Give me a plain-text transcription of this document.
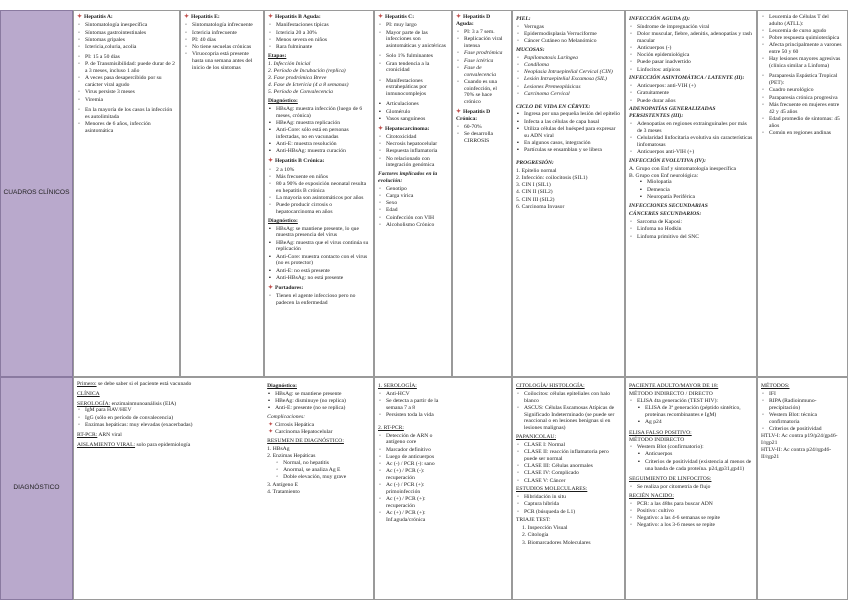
CUADROS CLÍNICOS
DIAGNÓSTICO
✦ Hepatitis A:
◦ Sintomatología inespecífica
◦ Síntomas gastrointestinales
◦ Síntomas gripales
◦ Ictericia,coluria, acolia
◦ PI: 15 a 50 días
◦ P. de Transmisibilidad: puede durar de 2 a 3 meses, incluso 1 año
◦ A veces pasa desapercibido por su carácter viral agudo
◦ Virus persiste 3 meses
◦ Viremia
◦ En la mayoría de los casos la infección es autolimitada
◦ Menores de 6 años, infección asintomática
✦ Hepatitis E:
◦ Sintomatología infrecuente
◦ Ictericia infrecuente
◦ PI: 40 días
◦ No tiene secuelas crónicas
◦ Viruocopria está presente hasta una semana antes del inicio de los síntomas
✦ Hepatitis B Aguda:
◦ Manifestaciones típicas
◦ Ictericia 20 a 30%
◦ Menos severa en niños
◦ Rara fulminante
Etapas:
1. Infección Inicial
2. Período de Incubación (replica)
3. Fase prodrómica Breve
4. Fase de Ictericia (4 a 8 semanas)
5. Período de Convalecencia
Diagnóstico:
▪ HBsAg: muestra infección (luego de 6 meses, crónica)
▪ HBeAg: muestra replicación
▪ Anti-Core: sólo está en personas infectadas, no en vacunadas
▪ Anti-E: muestra resolución
▪ Anti-HBsAg: muestra curación
✦ Hepatitis B Crónica:
◦ 2 a 10%
◦ Más frecuente en niños
◦ 80 a 90% de exposición neonatal resulta en hepatitis B crónica
◦ La mayoría son asintomáticos por años
◦ Puede producir cirrosis o hepatocarcinoma en años
Diagnóstico:
▪ HBsAg: se mantiene presente, lo que muestra presencia del virus
▪ HBeAg: muestra que el virus continúa su replicación
▪ Anti-Core: muestra contacto con el virus (no es protector)
▪ Anti-E: no está presente
▪ Anti-HBsAg: no está presente
✦ Portadores:
◦ Tienen el agente infeccioso pero no padecen la enfermedad
✦ Hepatitis C:
◦ PI: muy largo
◦ Mayor parte de las infecciones son asintomáticas y anictéricas
◦ Solo 1% fulminantes
◦ Gran tendencia a la cronicidad
◦ Manifestaciones extrahepáticas por inmunocomplejos
▪ Articulaciones
▪ Glomérulo
▪ Vasos sanguíneos
✦ Hepatocarcinoma:
◦ Citotoxicidad
◦ Necrosis hepatocelular
◦ Respuesta inflamatoria
◦ No relacionado con integración genómica
Factores implicados en la evolución:
◦ Genotipo
◦ Carga vírica
◦ Sexo
◦ Edad
◦ Coinfección con VIH
◦ Alcoholismo Crónico
✦ Hepatitis D Aguda:
◦ PI: 3 a 7 sem.
◦ Replicación viral intensa
◦ Fase prodrómica
◦ Fase ictérica
◦ Fase de convalecencia
◦ Cuando es una coinfección, el 70% se hace crónico
✦ Hepatitis D Crónica:
◦ 60-70%
◦ Se desarrolla CIRROSIS
PIEL:
◦ Verrugas
◦ Epidermodisplasia Verruciforme
◦ Cáncer Cutáneo no Melanómico
MUCOSAS:
◦ Papilomatosis Laríngea
◦ Condiloma
◦ Neoplasia Intraepitelial Cervical (CIN)
◦ Lesión Intraepitelial Escamosa (SIL)
◦ Lesiones Premeoplásicas
◦ Carcinoma Cervical
CICLO DE VIDA EN CÉRVIX:
▪ Ingresa por una pequeña lesión del epitelio
▪ Infecta a las células de capa basal
▪ Utiliza células del huésped para expresar su ADN viral
▪ En algunos casos, integración
▪ Partículas se ensamblan y se libera
PROGRESIÓN:
1. Epitelio normal
2. Infección: coilocitosis (SIL1)
3. CIN I (SIL1)
4. CIN II (SIL2)
5. CIN III (SIL2)
6. Carcinoma Invasor
INFECCIÓN AGUDA (I):
◦ Síndrome de impregnación viral
◦ Dolor muscular, fiebre, adenitis, adenopatías y rash macular
◦ Anticuerpos (-)
◦ Noción epidemiológica
◦ Puede pasar inadvertido
◦ Linfocitos: atípicos
INFECCIÓN ASINTOMÁTICA / LATENTE (II):
◦ Anticuerpos: anti-VIH (+)
◦ Gratuitamente
◦ Puede durar años
ADENOPATÍAS GENERALIZADAS PERSISTENTES (III):
◦ Adenopatías en regiones extrainguinales por más de 3 meses
◦ Celularidad linfocitaria evolutiva sin características linfomatosas
◦ Anticuerpos anti-VIH (+)
INFECCIÓN EVOLUTIVA (IV):
A. Grupo con Enf y sintomatología inespecífica
B. Grupo con Enf neurológica:
▪ Miolopatía
▪ Demencia
▪ Neuropatía Periférica
INFECCIONES SECUNDARIAS
CÁNCERES SECUNDARIOS:
◦ Sarcoma de Kaposi:
◦ Linfoma no Hodkin
◦ Linfoma primitivo del SNC
◦ Leucemia de Células T del adulto (ATLL):
◦ Leucemia de curso agudo
◦ Pobre respuesta quimioterápica
◦ Afecta principalmente a varones entre 50 y 60
◦ Hay lesiones mayores agresivas (clínica similar a Linfoma)
◦ Paraparesia Espástica Tropical (PET):
◦ Cuadro neurológico
◦ Paraparesia crónica progresiva
◦ Más frecuente en mujeres entre 42 y 45 años
◦ Edad promedio de síntomas: 45 años
◦ Común en regiones andinas
Primero: se debe saber si el paciente está vacunado
CLÍNICA
SEROLOGÍA: enzimainmunoanálisis (EIA)
◦ IgM para HAV/HEV
◦ IgG (sólo en período de convalecencia)
◦ Enzimas hepáticas: muy elevadas (exacerbadas)
RT-PCR: ARN viral
AISLAMIENTO VIRAL: solo para epidemiología
Diagnóstico:
▪ HBsAg: se mantiene presente
▪ HBeAg: disminuye (no replica)
▪ Anti-E: presente (no se replica)
Complicaciones:
✦ Cirrosis Hepática
✦ Carcinoma Hepatocelular
RESUMEN DE DIAGNÓSTICO:
1. HBsAg
2. Enzimas Hepáticas
◦ Normal, no hepatitis
◦ Anormal, se analiza Ag E
◦ Doble elevación, muy grave
3. Antígeno E
4. Tratamiento
1. SEROLOGÍA:
◦ Anti-HCV
◦ Se detecta a partir de la semana 7 a 8
◦ Persisten toda la vida
2. RT-PCR:
◦ Detección de ARN o antígeno core
◦ Marcador definitivo
◦ Luego de anticuerpos
◦ Ac (-) / PCR (-): sano
◦ Ac (+) / PCR (-): recuperación
◦ Ac (-) / PCR (+): primoinfección
◦ Ac (+) / PCR (+): recuperación
◦ Ac (+) / PCR (+): Inf.aguda/crónica
CITOLOGÍA/ HISTOLOGÍA:
◦ Coilocitos: células epiteliales con halo blanco
◦ ASCUS: Células Escamosas Atípicas de Significado Indeterminado (se puede ser reaccional o en lesiones benignas si en lesiones malignas)
PAPANICOLAU:
◦ CLASE I: Normal
◦ CLASE II: reacción inflamatoria pero puede ser normal
◦ CLASE III: Células anormales
◦ CLASE IV: Complicado
◦ CLASE V: Cáncer
ESTUDIOS MOLECULARES:
◦ Hibridación in situ
◦ Captura híbrida
◦ PCR (búsqueda de L1)
TRIAJE TEST:
1. Inspección Visual
2. Citología
3. Biomarcadores Moleculares
PACIENTE ADULTO/MAYOR DE 18:
MÉTODO INDIRECTO / DIRECTO
◦ ELISA 4ta generación (TEST HIV):
▪ ELISA de 3ª generación (péptido sintético, proteínas recombinantes e IgM)
▪ Ag p24
ELISA FALSO POSITIVO:
MÉTODO INDIRECTO
◦ Western Blot (confirmatorio):
▪ Anticuerpos
▪ Criterios de positividad (existencia al menos de una banda de cada proteína. p24,gp31,gp41)
SEGUIMIENTO DE LINFOCITOS:
◦ Se realiza por citometría de flujo
RECIÉN NACIDO:
◦ PCR: a las 48hs para buscar ADN
◦ Positivo: cultivo
◦ Negativo: a las 4-6 semanas se repite
◦ Negativo: a los 3-6 meses se repite
MÉTODOS:
◦ IFI
◦ RIPA (Radioinmuno-precipitación)
◦ Western Blot: técnica confirmatoria
◦ Criterios de positividad
HTLV-I: Ac contra p19/p24/gp46-I/rgp21
HTLV-II: Ac contra p24/rgp46-II/rgp21
